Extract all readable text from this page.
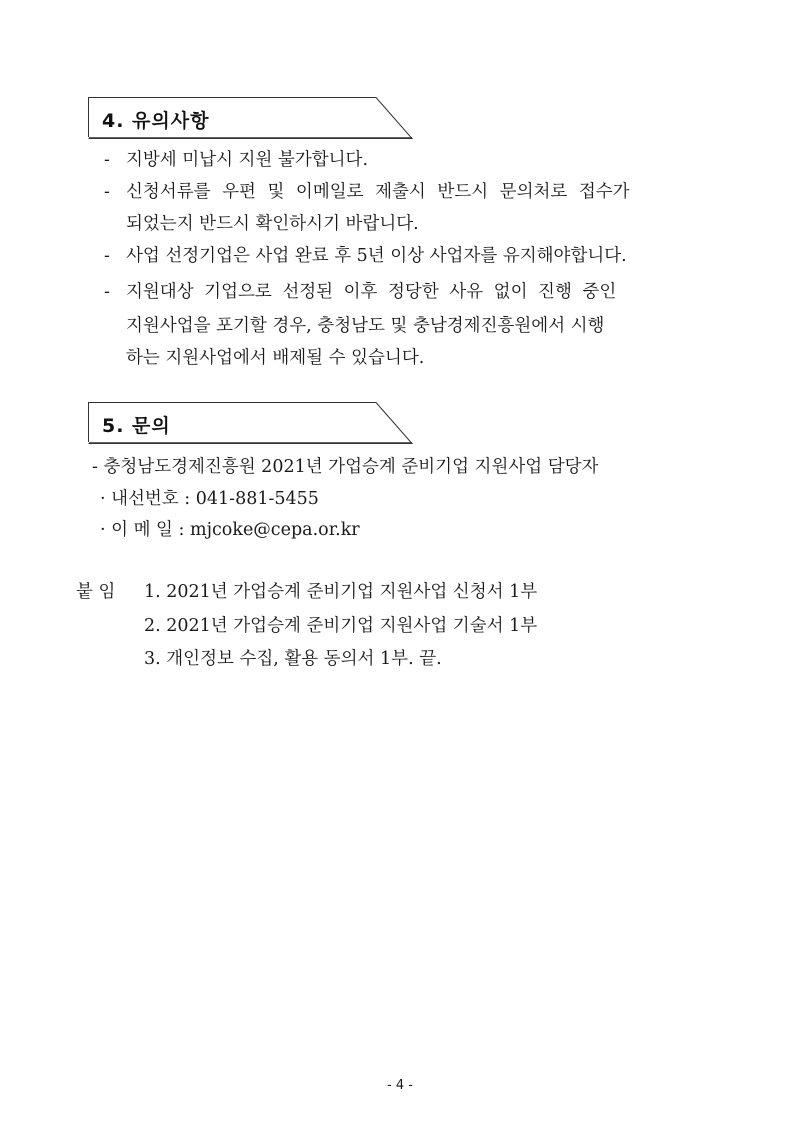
4. 유의사항
- 지방세 미납시 지원 불가합니다.
- 신청서류를 우편 및 이메일로 제출시 반드시 문의처로 접수가
되었는지 반드시 확인하시기 바랍니다.
- 사업 선정기업은 사업 완료 후 5년 이상 사업자를 유지해야합니다.
- 지원대상 기업으로 선정된 이후 정당한 사유 없이 진행 중인
지원사업을 포기할 경우, 충청남도 및 충남경제진흥원에서 시행
하는 지원사업에서 배제될 수 있습니다.
5. 문의
- 충청남도경제진흥원 2021년 가업승계 준비기업 지원사업 담당자
· 내선번호 : 041-881-5455
· 이 메 일 : mjcoke@cepa.or.kr
붙 임 1. 2021년 가업승계 준비기업 지원사업 신청서 1부
2. 2021년 가업승계 준비기업 지원사업 기술서 1부
3. 개인정보 수집, 활용 동의서 1부. 끝.
- 4 -
